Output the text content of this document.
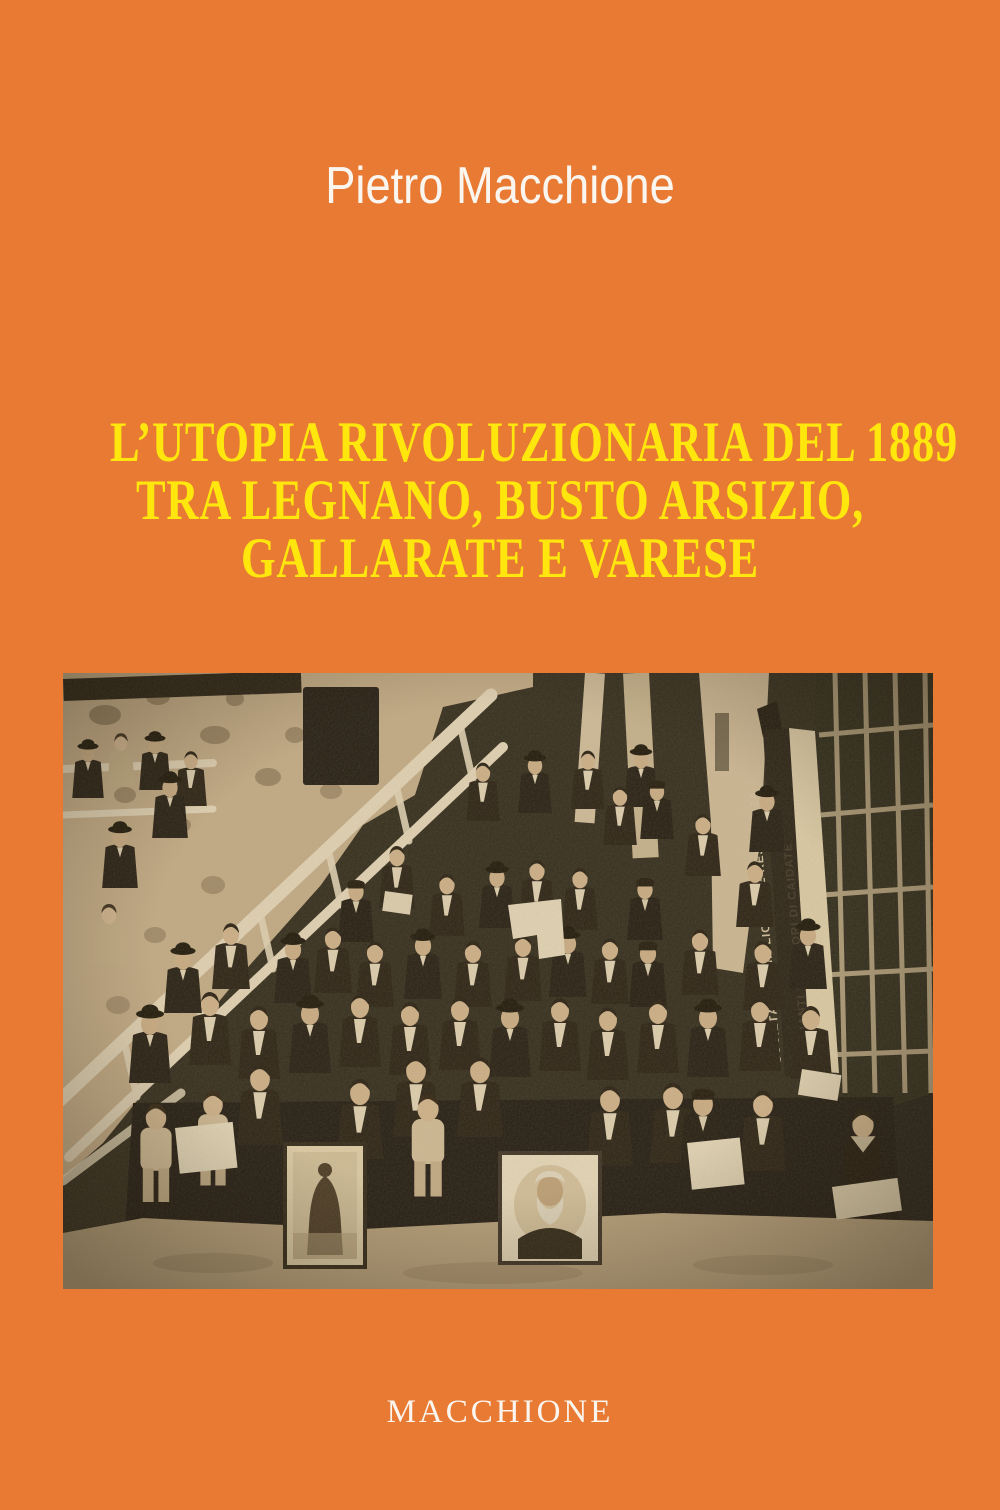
Pietro Macchione
L’UTOPIA RIVOLUZIONARIA DEL 1889
TRA LEGNANO, BUSTO ARSIZIO,
GALLARATE E VARESE
MACCHIONE
